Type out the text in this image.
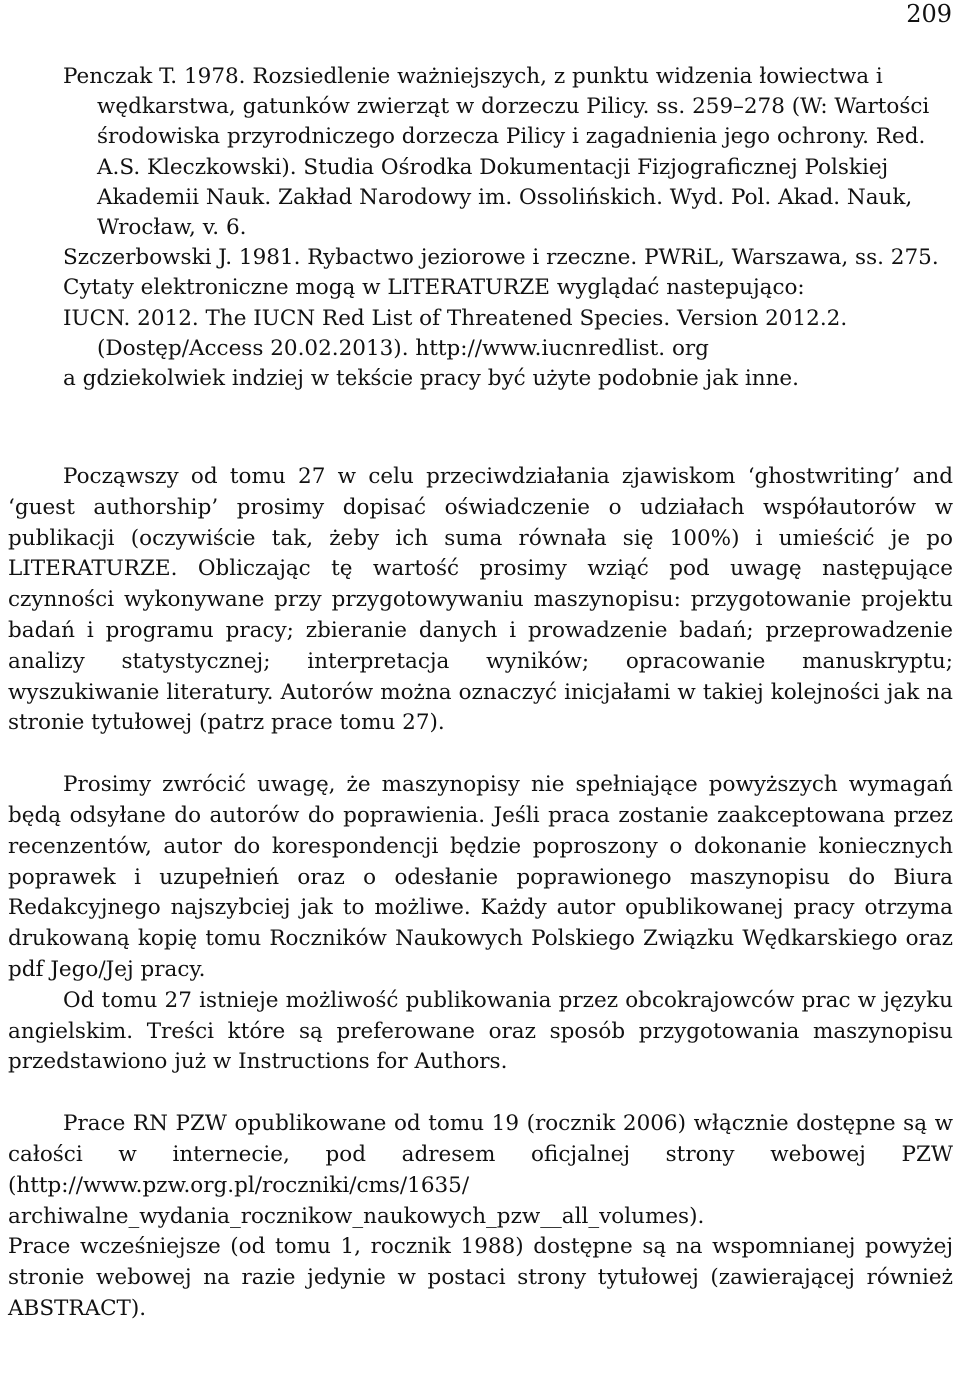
209
Penczak T. 1978. Rozsiedlenie ważniejszych, z punktu widzenia łowiectwa i wędkarstwa, gatunków zwierząt w dorzeczu Pilicy. ss. 259–278 (W: Wartości środowiska przyrodniczego dorzecza Pilicy i zagadnienia jego ochrony. Red. A.S. Kleczkowski). Studia Ośrodka Dokumentacji Fizjograficznej Polskiej Akademii Nauk. Zakład Narodowy im. Ossolińskich. Wyd. Pol. Akad. Nauk, Wrocław, v. 6.
Szczerbowski J. 1981. Rybactwo jeziorowe i rzeczne. PWRiL, Warszawa, ss. 275.
Cytaty elektroniczne mogą w LITERATURZE wyglądać nastepująco:
IUCN. 2012. The IUCN Red List of Threatened Species. Version 2012.2. (Dostęp/Access 20.02.2013). http://www.iucnredlist. org
a gdziekolwiek indziej w tekście pracy być użyte podobnie jak inne.
Począwszy od tomu 27 w celu przeciwdziałania zjawiskom ‘ghostwriting’ and ‘guest authorship’ prosimy dopisać oświadczenie o udziałach współautorów w publikacji (oczywiście tak, żeby ich suma równała się 100%) i umieścić je po LITERATURZE. Obliczając tę wartość prosimy wziąć pod uwagę następujące czynności wykonywane przy przygotowywaniu maszynopisu: przygotowanie projektu badań i programu pracy; zbieranie danych i prowadzenie badań; przeprowadzenie analizy statystycznej; interpretacja wyników; opracowanie manuskryptu; wyszukiwanie literatury. Autorów można oznaczyć inicjałami w takiej kolejności jak na stronie tytułowej (patrz prace tomu 27).
Prosimy zwrócić uwagę, że maszynopisy nie spełniające powyższych wymagań będą odsyłane do autorów do poprawienia. Jeśli praca zostanie zaakceptowana przez recenzentów, autor do korespondencji będzie poproszony o dokonanie koniecznych poprawek i uzupełnień oraz o odesłanie poprawionego maszynopisu do Biura Redakcyjnego najszybciej jak to możliwe. Każdy autor opublikowanej pracy otrzyma drukowaną kopię tomu Roczników Naukowych Polskiego Związku Wędkarskiego oraz pdf Jego/Jej pracy.
Od tomu 27 istnieje możliwość publikowania przez obcokrajowców prac w języku angielskim. Treści które są preferowane oraz sposób przygotowania maszynopisu przedstawiono już w Instructions for Authors.
Prace RN PZW opublikowane od tomu 19 (rocznik 2006) włącznie dostępne są w całości w internecie, pod adresem oficjalnej strony webowej PZW (http://www.pzw.org.pl/roczniki/cms/1635/ archiwalne_wydania_rocznikow_naukowych_pzw__all_volumes).
Prace wcześniejsze (od tomu 1, rocznik 1988) dostępne są na wspomnianej powyżej stronie webowej na razie jedynie w postaci strony tytułowej (zawierającej również ABSTRACT).
